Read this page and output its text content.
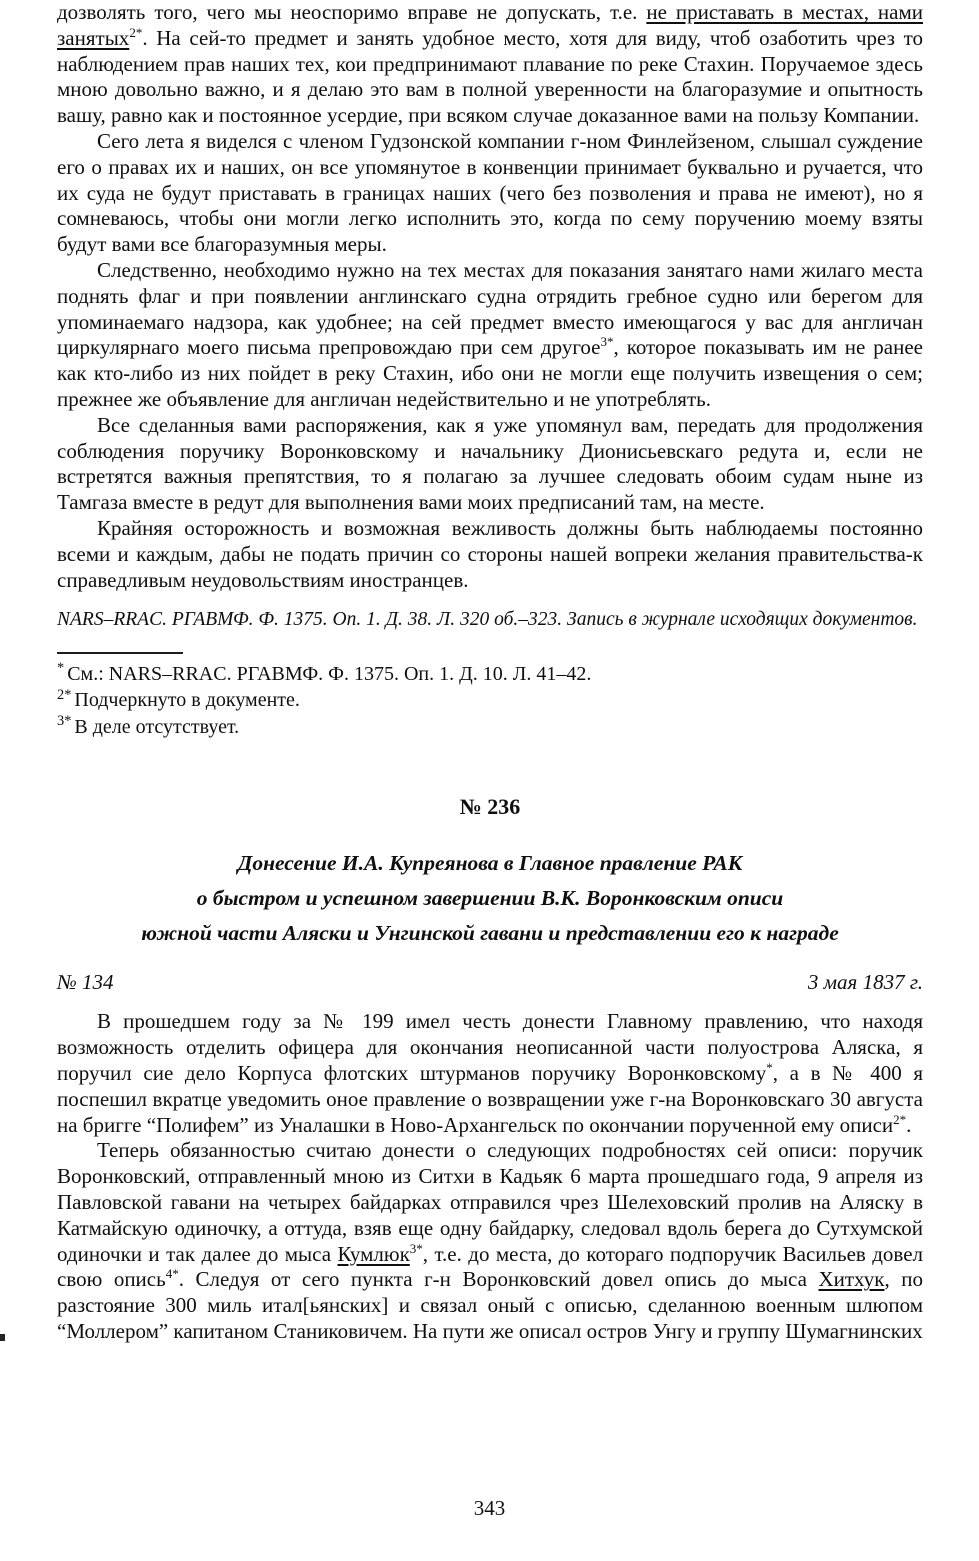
дозволять того, чего мы неоспоримо вправе не допускать, т.е. не приставать в местах, нами занятых$^{2*}$. На сей-то предмет и занять удобное место, хотя для виду, чтоб озаботить чрез то наблюдением прав наших тех, кои предпринимают плавание по реке Стахин. Поручаемое здесь мною довольно важно, и я делаю это вам в полной уверенности на благоразумие и опытность вашу, равно как и постоянное усердие, при всяком случае доказанное вами на пользу Компании.

Сего лета я виделся с членом Гудзонской компании г-ном Финлейзеном, слышал суждение его о правах их и наших, он все упомянутое в конвенции принимает буквально и ручается, что их суда не будут приставать в границах наших (чего без позволения и права не имеют), но я сомневаюсь, чтобы они могли легко исполнить это, когда по сему поручению моему взяты будут вами все благоразумныя меры.

Следственно, необходимо нужно на тех местах для показания занятаго нами жилаго места поднять флаг и при появлении англинскаго судна отрядить гребное судно или берегом для упоминаемаго надзора, как удобнее; на сей предмет вместо имеющагося у вас для англичан циркулярнаго моего письма препровождаю при сем другое$^{3*}$, которое показывать им не ранее как кто-либо из них пойдет в реку Стахин, ибо они не могли еще получить извещения о сем; прежнее же объявление для англичан недействительно и не употреблять.

Все сделанныя вами распоряжения, как я уже упомянул вам, передать для продолжения соблюдения поручику Воронковскому и начальнику Дионисьевскаго редута и, если не встретятся важныя препятствия, то я полагаю за лучшее следовать обоим судам ныне из Тамгаза вместе в редут для выполнения вами моих предписаний там, на месте.

Крайняя осторожность и возможная вежливость должны быть наблюдаемы постоянно всеми и каждым, дабы не подать причин со стороны нашей вопреки желания правительства-к справедливым неудовольствиям иностранцев.

NARS–RRAC. РГАВМФ. Ф. 1375. Оп. 1. Д. 38. Л. 320 об.–323. Запись в журнале исходящих документов.

* См.: NARS–RRAC. РГАВМФ. Ф. 1375. Оп. 1. Д. 10. Л. 41–42.

$^{2*}$ Подчеркнуто в документе.

$^{3*}$ В деле отсутствует.

№ 236
Донесение И.А. Купреянова в Главное правление РАК
о быстром и успешном завершении В.К. Воронковским описи
южной части Аляски и Унгинской гавани и представлении его к награде
№ 134	3 мая 1837 г.

В прошедшем году за № 199 имел честь донести Главному правлению, что находя возможность отделить офицера для окончания неописанной части полуострова Аляска, я поручил сие дело Корпуса флотских штурманов поручику Воронковскому*, а в № 400 я поспешил вкратце уведомить оное правление о возвращении уже г-на Воронковскаго 30 августа на бригге “Полифем” из Уналашки в Ново-Архангельск по окончании порученной ему описи$^{2*}$.

Теперь обязанностью считаю донести о следующих подробностях сей описи: поручик Воронковский, отправленный мною из Ситхи в Кадьяк 6 марта прошедшаго года, 9 апреля из Павловской гавани на четырех байдарках отправился чрез Шелеховский пролив на Аляску в Катмайскую одиночку, а оттуда, взяв еще одну байдарку, следовал вдоль берега до Сутхумской одиночки и так далее до мыса Кумлюк$^{3*}$, т.е. до места, до котораго подпоручик Васильев довел свою опись$^{4*}$. Следуя от сего пункта г-н Воронковский довел опись до мыса Хитхук, по разстояние 300 миль итал[ьянских] и связал оный с описью, сделанною военным шлюпом “Моллером” капитаном Станиковичем. На пути же описал остров Унгу и группу Шумагнинских

343
